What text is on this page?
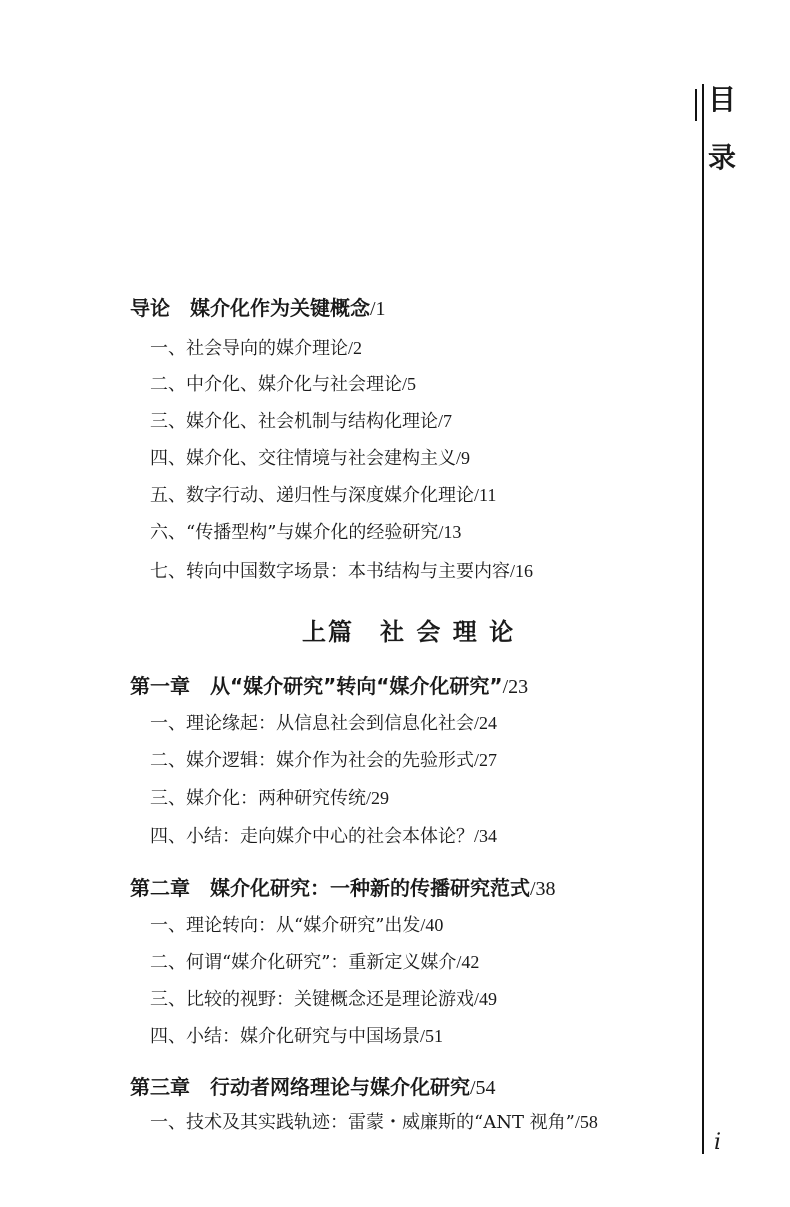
目
录
i
导论　媒介化作为关键概念/1
一、社会导向的媒介理论/2
二、中介化、媒介化与社会理论/5
三、媒介化、社会机制与结构化理论/7
四、媒介化、交往情境与社会建构主义/9
五、数字行动、递归性与深度媒介化理论/11
六、“传播型构”与媒介化的经验研究/13
七、转向中国数字场景：本书结构与主要内容/16
上篇　社 会 理 论
第一章　从“媒介研究”转向“媒介化研究”/23
一、理论缘起：从信息社会到信息化社会/24
二、媒介逻辑：媒介作为社会的先验形式/27
三、媒介化：两种研究传统/29
四、小结：走向媒介中心的社会本体论？/34
第二章　媒介化研究：一种新的传播研究范式/38
一、理论转向：从“媒介研究”出发/40
二、何谓“媒介化研究”：重新定义媒介/42
三、比较的视野：关键概念还是理论游戏/49
四、小结：媒介化研究与中国场景/51
第三章　行动者网络理论与媒介化研究/54
一、技术及其实践轨迹：雷蒙・威廉斯的“ANT 视角”/58
